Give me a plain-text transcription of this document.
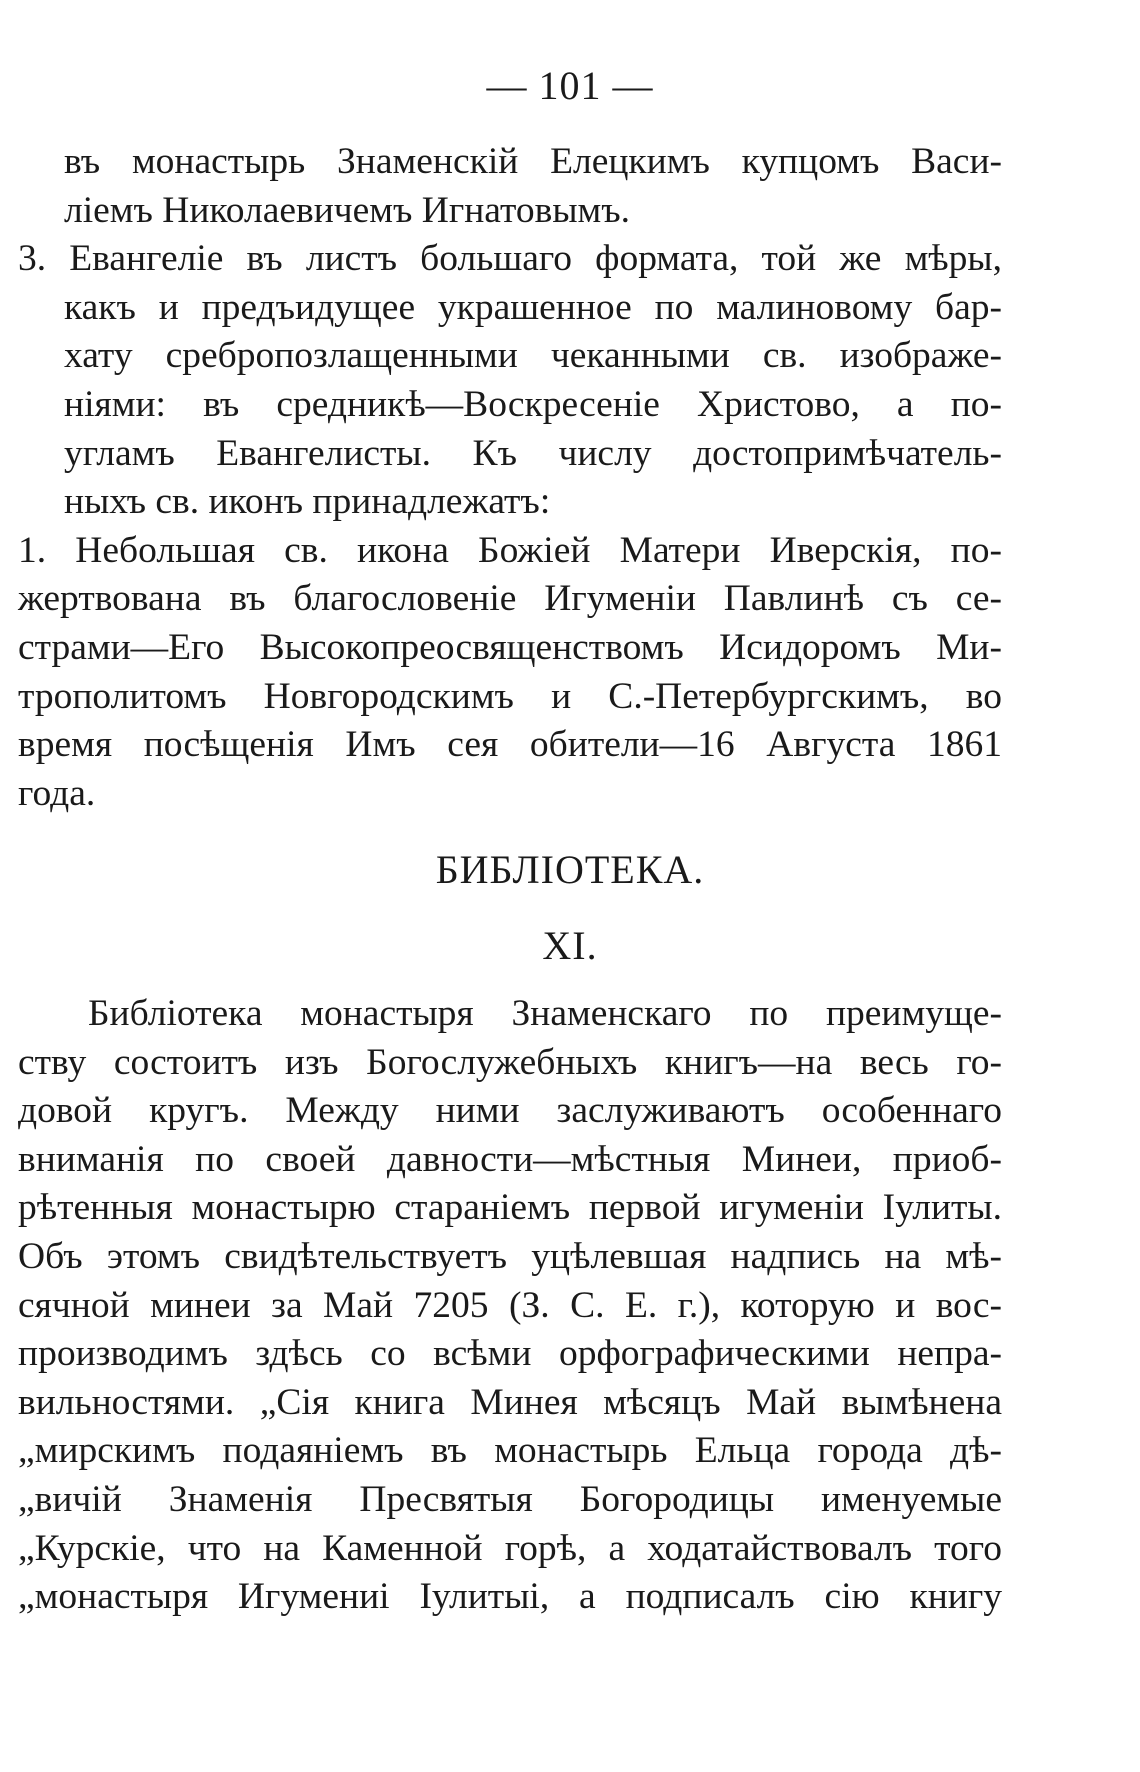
— 101 —
въ монастырь Знаменскій Елецкимъ купцомъ Васи-
ліемъ Николаевичемъ Игнатовымъ.
3. Евангеліе въ листъ большаго формата, той же мѣры,
какъ и предъидущее украшенное по малиновому бар-
хату сребропозлащенными чеканными св. изображе-
ніями: въ средникѣ—Воскресеніе Христово, а по-
угламъ Евангелисты. Къ числу достопримѣчатель-
ныхъ св. иконъ принадлежатъ:
1. Небольшая св. икона Божіей Матери Иверскія, по-
жертвована въ благословеніе Игуменіи Павлинѣ съ се-
страми—Его Высокопреосвященствомъ Исидоромъ Ми-
трополитомъ Новгородскимъ и С.-Петербургскимъ, во
время посѣщенія Имъ сея обители—16 Августа 1861
года.
БИБЛІОТЕКА.
XI.
Библіотека монастыря Знаменскаго по преимуще-
ству состоитъ изъ Богослужебныхъ книгъ—на весь го-
довой кругъ. Между ними заслуживаютъ особеннаго
вниманія по своей давности—мѣстныя Минеи, приоб-
рѣтенныя монастырю стараніемъ первой игуменіи Іулиты.
Объ этомъ свидѣтельствуетъ уцѣлевшая надпись на мѣ-
сячной минеи за Май 7205 (З. С. Е. г.), которую и вос-
производимъ здѣсь со всѣми орфографическими непра-
вильностями. „Сія книга Минея мѣсяцъ Май вымѣнена
„мирскимъ подаяніемъ въ монастырь Ельца города дѣ-
„вичій Знаменія Пресвятыя Богородицы именуемые
„Курскіе, что на Каменной горѣ, а ходатайствовалъ того
„монастыря Игумениі Іулитыі, а подписалъ сію книгу
